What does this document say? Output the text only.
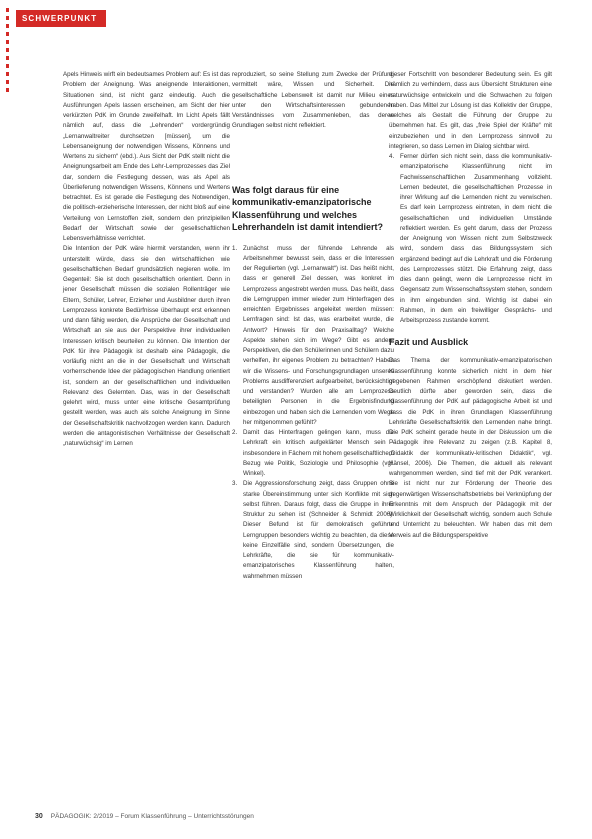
SCHWERPUNKT

Apels Hinweis wirft ein bedeutsames Problem auf: Es ist das Problem der Aneignung. Was aneignende Interaktionen, Situationen sind, ist nicht ganz eindeutig. Auch die Ausführungen Apels lassen erscheinen, am Sicht der hier verkürzten PdK im Grunde zweifelhaft. Im Licht Apels fällt nämlich auf, dass die „Lehrenden“ vordergründig „Lernanwaltreiter durchsetzen [müssen], um die Lebensaneignung der notwendigen Wissens, Könnens und Wertens zu sichern“ (ebd.). Aus Sicht der PdK stellt nicht die Aneignungsarbeit am Ende des Lehr-Lernprozesses das Ziel dar, sondern die Festlegung dessen, was als Apel als Überlieferung notwendigen Wissens, Könnens und Wertens betrachtet. Es ist gerade die Festlegung des Notwendigen, die politisch-erzieherische Interessen, der nicht bloß auf eine Verteilung von Lernstoffen zielt, sondern den prinzipiellen Bedarf der Wirtschaft sowie der gesellschaftlichen Lebensverhältnisse verrichtet.

Die Intention der PdK wäre hiermit verstanden, wenn ihr unterstellt würde, dass sie den wirtschaftlichen wie gesellschaftlichen Bedarf grundsätzlich negieren wolle. Im Gegenteil: Sie ist doch gesellschaftlich orientiert. Denn in jener Gesellschaft müssen die sozialen Rollenträger wie Eltern, Schüler, Lehrer, Erzieher und Ausbildner durch ihren Lernprozess konkrete Bedürfnisse überhaupt erst erkennen und dann fähig werden, die Ansprüche der Gesellschaft und Wirtschaft an sie aus der Perspektive ihrer individuellen Interessen kritisch beurteilen zu können. Die Intention der PdK für ihre Pädagogik ist deshalb eine Pädagogik, die vorläufig nicht an die in der Gesellschaft und Wirtschaft vorherrschende Idee der pädagogischen Handlung orientiert ist, sondern an der gesellschaftlichen und individuellen Relevanz des Gelernten. Das, was in der Gesellschaft gelehrt wird, muss unter eine kritische Gesamtprüfung gestellt werden, was auch als solche Aneignung im Sinne der Gesellschaftskritik nachvollzogen werden kann. Dadurch werden die antagonistischen Verhältnisse der Gesellschaft „naturwüchsig“ im Lernen

reproduziert, so seine Stellung zum Zwecke der Prüfung vermittelt wäre, Wissen und Sicherheit. Die gesellschaftliche Lebenswelt ist damit nur Milieu eines unter den Wirtschaftsinteressen gebundenen Verständnisses vom Zusammenleben, das deren Grundlagen selbst nicht reflektiert.

Was folgt daraus für eine kommunikativ-emanzipatorische Klassenführung und welches Lehrerhandeln ist damit intendiert?
1. Zunächst muss der führende Lehrende als Arbeitsnehmer bewusst sein, dass er die Interessen der Regulierten (vgl. „Lernanwalt“) ist. Das heißt nicht, dass er generell Ziel dessen, was konkret im Lernprozess angestrebt werden muss. Das heißt, dass die Lerngruppen immer wieder zum Hinterfragen des erreichten Ergebnisses angeleitet werden müssen: Lernfragen sind: Ist das, was erarbeitet wurde, die Antwort? Hinweis für den Praxisalltag? Welche Aspekte stehen sich im Wege? Gibt es andere Perspektiven, die den Schülerinnen und Schülern dazu verhelfen, ihr eigenes Problem zu betrachten? Haben wir die Wissens- und Forschungsgrundlagen unseres Problems ausdifferenziert aufgearbeitet, berücksichtigt und verstanden? Wurden alle am Lernprozess beteiligten Personen in die Ergebnisfindung einbezogen und haben sich die Lernenden vom Wege her mitgenommen gefühlt?
2. Damit das Hinterfragen gelingen kann, muss die Lehrkraft ein kritisch aufgeklärter Mensch sein – insbesondere in Fächern mit hohem gesellschaftlichem Bezug wie Politik, Soziologie und Philosophie (vgl. Winkel).
3. Die Aggressionsforschung zeigt, dass Gruppen ohne starke Übereinstimmung unter sich Konflikte mit sich selbst führen. Daraus folgt, dass die Gruppe in ihrer Struktur zu sehen ist (Schneider & Schmidt 2006). Dieser Befund ist für demokratisch geführte Lerngruppen besonders wichtig zu beachten, da diese keine Einzelfälle sind, sondern Übersetzungen, die Lehrkräfte, die sie für kommunikativ-emanzipatorisches Klassenführung halten, wahrnehmen müssen

dieser Fortschritt von besonderer Bedeutung sein. Es gilt nämlich zu verhindern, dass aus Übersicht Strukturen eine naturwüchsige entwickeln und die Schwachen zu folgen haben. Das Mittel zur Lösung ist das Kollektiv der Gruppe, welches als Gestalt die Führung der Gruppe zu übernehmen hat. Es gilt, das „freie Spiel der Kräfte“ mit einzubeziehen und in den Lernprozess sinnvoll zu integrieren, so dass Lernen im Dialog sichtbar wird.

4. Ferner dürfen sich nicht sein, dass die kommunikativ-emanzipatorische Klassenführung nicht im Fachwissenschaftlichen Zusammenhang vollzieht. Lernen bedeutet, die gesellschaftlichen Prozesse in ihrer Wirkung auf die Lernenden nicht zu verwischen. Es darf kein Lernprozess eintreten, in dem nicht die gesellschaftlichen und individuellen Umstände reflektiert werden. Es geht darum, dass der Prozess der Aneignung von Wissen nicht zum Selbstzweck wird, sondern dass das Bildungssystem sich ergänzend bedingt auf die Lehrkraft und die Förderung des Lernprozesses stützt. Die Erfahrung zeigt, dass dies dann gelingt, wenn die Lernprozesse nicht im Gegensatz zum Wissenschaftssystem stehen, sondern in ihm eingebunden sind. Wichtig ist dabei ein Rahmen, in dem ein freiwilliger Gesprächs- und Arbeitsprozess zustande kommt.
Fazit und Ausblick

Das Thema der kommunikativ-emanzipatorischen Klassenführung konnte sicherlich nicht in dem hier gegebenen Rahmen erschöpfend diskutiert werden. Deutlich dürfte aber geworden sein, dass die Klassenführung der PdK auf pädagogische Arbeit ist und dass die PdK in ihren Grundlagen Klassenführung Lehrkräfte Gesellschaftskritik den Lernenden nahe bringt. Die PdK scheint gerade heute in der Diskussion um die Pädagogik ihre Relevanz zu zeigen (z.B. Kapitel 8, „Didaktik der kommunikativ-kritischen Didaktik“, vgl. Hänsel, 2006). Die Themen, die aktuell als relevant wahrgenommen werden, sind tief mit der PdK verankert. Sie ist nicht nur zur Förderung der Theorie des gegenwärtigen Wissenschaftsbetriebs bei Verknüpfung der Erkenntnis mit dem Anspruch der Pädagogik mit der Wirklichkeit der Gesellschaft wichtig, sondern auch Schule und Unterricht zu beleuchten. Wir haben das mit dem Verweis auf die Bildungsperspektive

30 PÄDAGOGIK: 2/2019 – Forum Klassenführung – Unterrichtsstörungen
